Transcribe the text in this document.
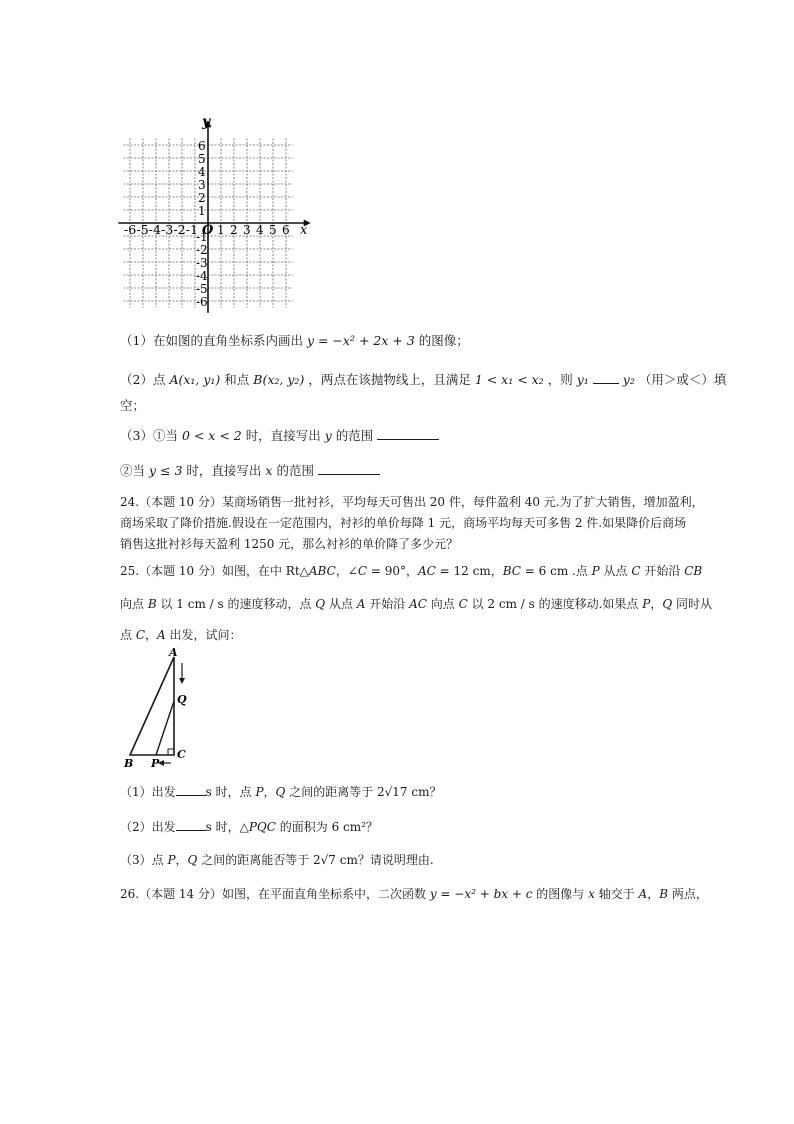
y
x
O
-6-5-4-3-2-1 1 2 3 4 5 6
1
2
3
4
5
6
-1
-2
-3
-4
-5
-6
（1）在如图的直角坐标系内画出 y = −x² + 2x + 3 的图像；
（2）点 A(x₁, y₁) 和点 B(x₂, y₂) ，两点在该抛物线上，且满足 1 < x₁ < x₂ ，则 y₁	y₂ （用＞或＜）填
空；
（3）①当 0 < x < 2 时，直接写出 y 的范围
②当 y ≤ 3 时，直接写出 x 的范围
24.（本题 10 分）某商场销售一批衬衫，平均每天可售出 20 件，每件盈利 40 元.为了扩大销售，增加盈利，
商场采取了降价措施.假设在一定范围内，衬衫的单价每降 1 元，商场平均每天可多售 2 件.如果降价后商场
销售这批衬衫每天盈利 1250 元，那么衬衫的单价降了多少元？
25.（本题 10 分）如图，在中 Rt△ABC，∠C = 90°，AC = 12 cm，BC = 6 cm .点 P 从点 C 开始沿 CB
向点 B 以 1 cm / s 的速度移动，点 Q 从点 A 开始沿 AC 向点 C 以 2 cm / s 的速度移动.如果点 P，Q 同时从
点 C，A 出发，试问：
A
Q
C
B P
（1）出发	s 时，点 P，Q 之间的距离等于 2√17 cm？
（2）出发	s 时，△PQC 的面积为 6 cm²？
（3）点 P，Q 之间的距离能否等于 2√7 cm？请说明理由.
26.（本题 14 分）如图，在平面直角坐标系中，二次函数 y = −x² + bx + c 的图像与 x 轴交于 A，B 两点，
